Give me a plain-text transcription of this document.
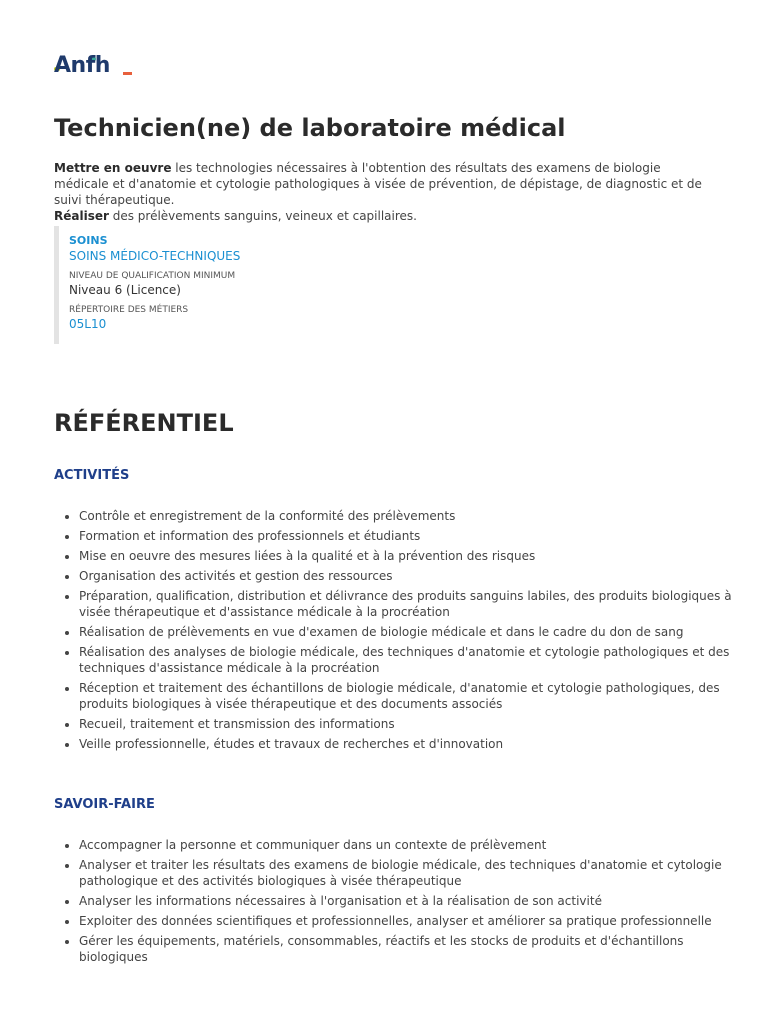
Anfh
Technicien(ne) de laboratoire médical
Mettre en oeuvre les technologies nécessaires à l'obtention des résultats des examens de biologie médicale et d'anatomie et cytologie pathologiques à visée de prévention, de dépistage, de diagnostic et de suivi thérapeutique.
Réaliser des prélèvements sanguins, veineux et capillaires.
SOINS
SOINS MÉDICO-TECHNIQUES
NIVEAU DE QUALIFICATION MINIMUM
Niveau 6 (Licence)
RÉPERTOIRE DES MÉTIERS
05L10
RÉFÉRENTIEL
ACTIVITÉS
• Contrôle et enregistrement de la conformité des prélèvements
• Formation et information des professionnels et étudiants
• Mise en oeuvre des mesures liées à la qualité et à la prévention des risques
• Organisation des activités et gestion des ressources
• Préparation, qualification, distribution et délivrance des produits sanguins labiles, des produits biologiques à visée thérapeutique et d'assistance médicale à la procréation
• Réalisation de prélèvements en vue d'examen de biologie médicale et dans le cadre du don de sang
• Réalisation des analyses de biologie médicale, des techniques d'anatomie et cytologie pathologiques et des techniques d'assistance médicale à la procréation
• Réception et traitement des échantillons de biologie médicale, d'anatomie et cytologie pathologiques, des produits biologiques à visée thérapeutique et des documents associés
• Recueil, traitement et transmission des informations
• Veille professionnelle, études et travaux de recherches et d'innovation
SAVOIR-FAIRE
• Accompagner la personne et communiquer dans un contexte de prélèvement
• Analyser et traiter les résultats des examens de biologie médicale, des techniques d'anatomie et cytologie pathologique et des activités biologiques à visée thérapeutique
• Analyser les informations nécessaires à l'organisation et à la réalisation de son activité
• Exploiter des données scientifiques et professionnelles, analyser et améliorer sa pratique professionnelle
• Gérer les équipements, matériels, consommables, réactifs et les stocks de produits et d'échantillons biologiques
